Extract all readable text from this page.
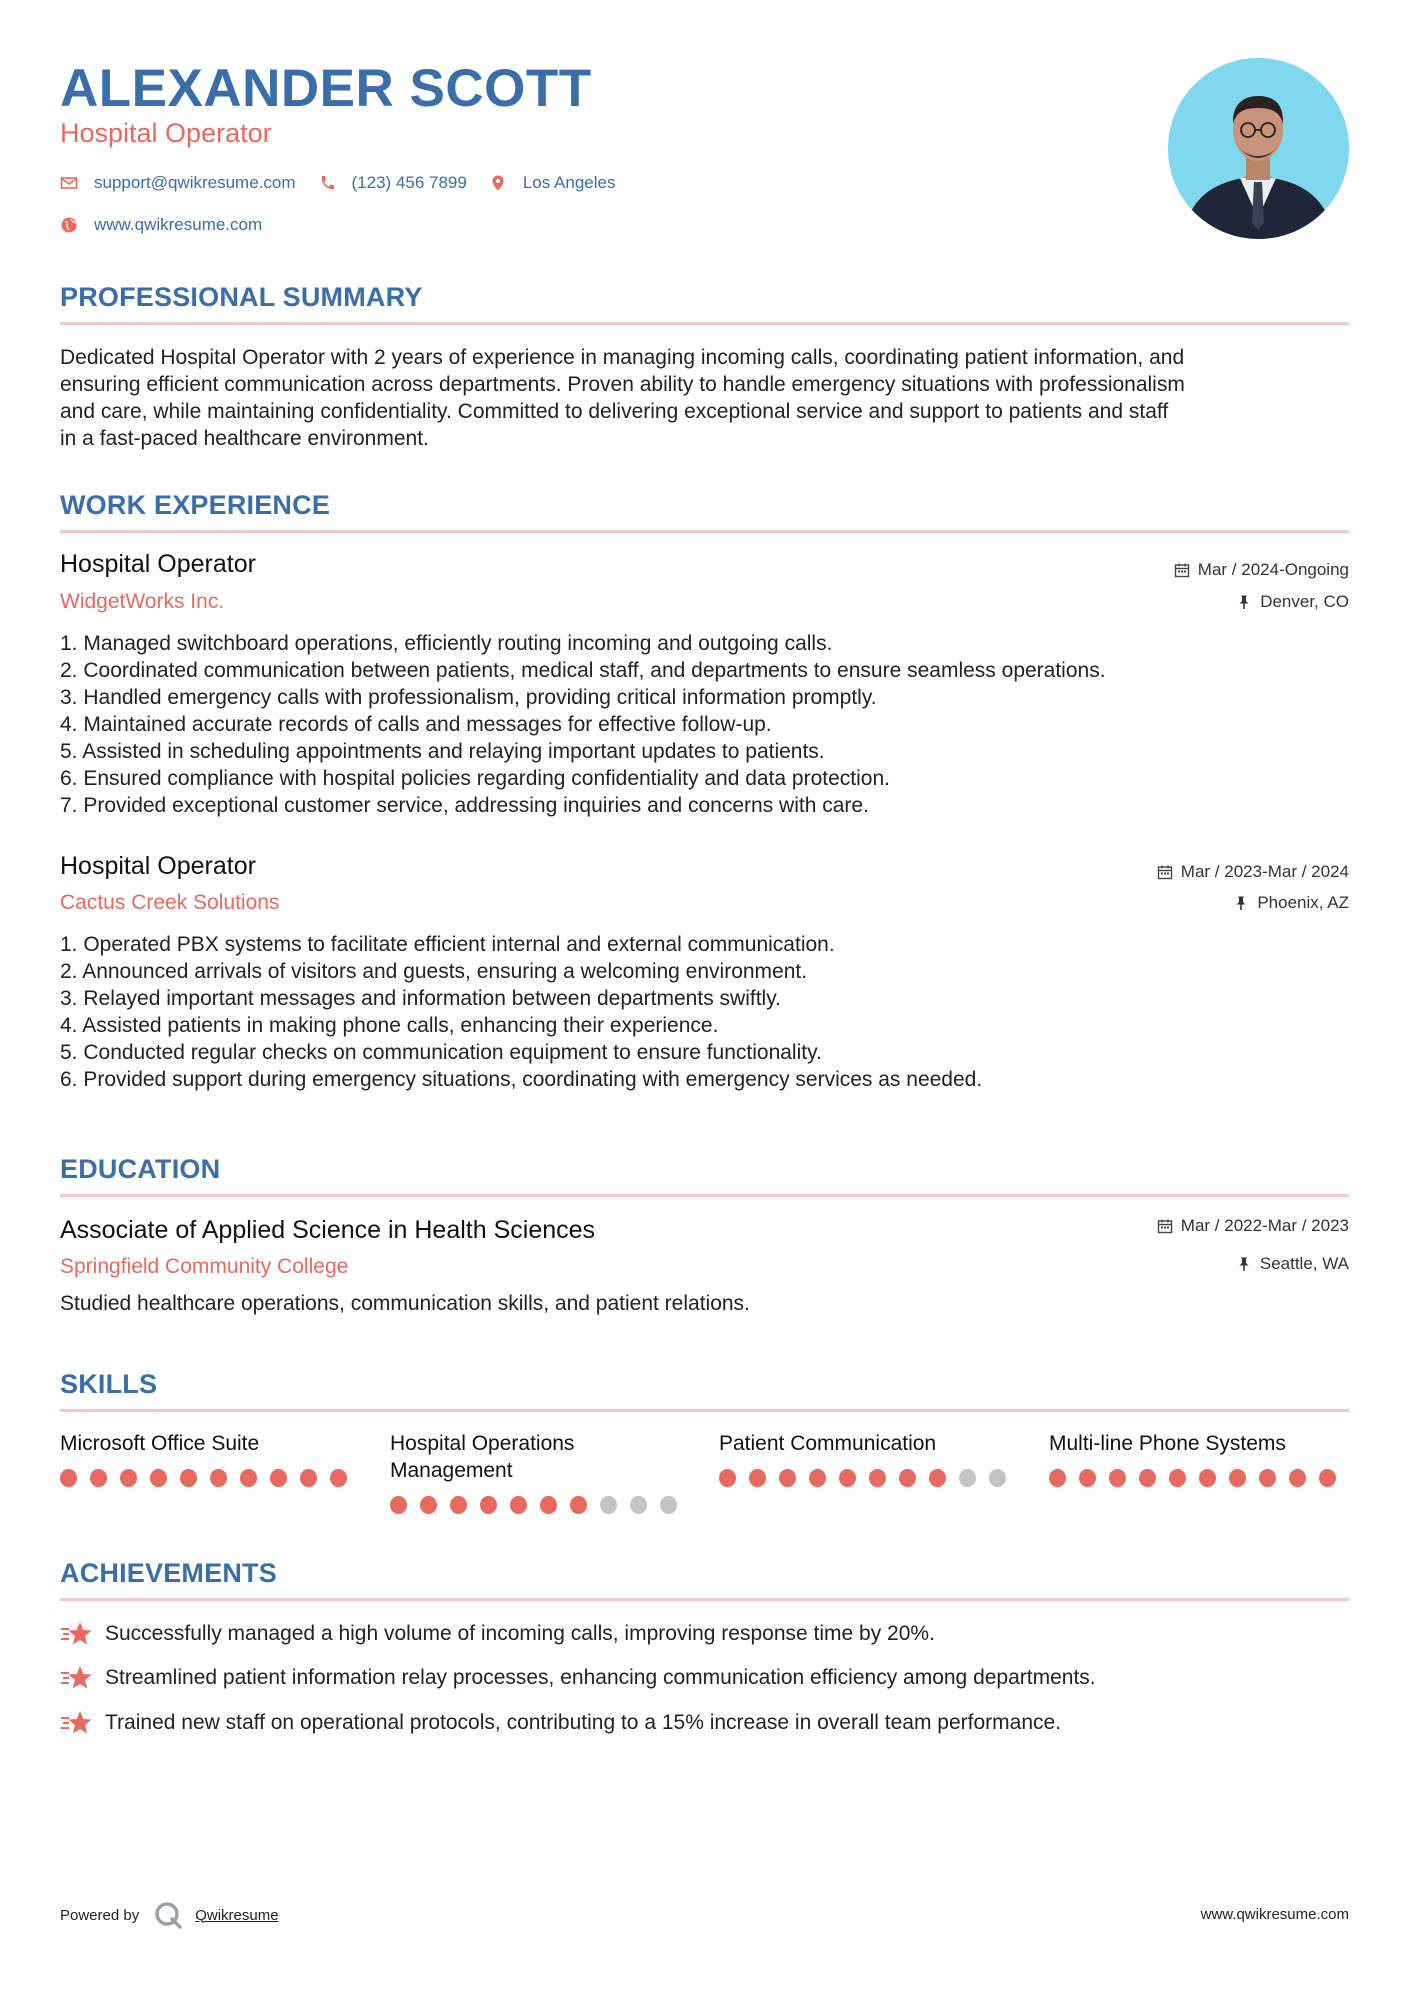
ALEXANDER SCOTT
Hospital Operator
support@qwikresume.com	(123) 456 7899	Los Angeles
www.qwikresume.com
PROFESSIONAL SUMMARY
Dedicated Hospital Operator with 2 years of experience in managing incoming calls, coordinating patient information, and
ensuring efficient communication across departments. Proven ability to handle emergency situations with professionalism
and care, while maintaining confidentiality. Committed to delivering exceptional service and support to patients and staff
in a fast-paced healthcare environment.
WORK EXPERIENCE
Hospital Operator
WidgetWorks Inc.
Mar / 2024-Ongoing
Denver, CO
1. Managed switchboard operations, efficiently routing incoming and outgoing calls.
2. Coordinated communication between patients, medical staff, and departments to ensure seamless operations.
3. Handled emergency calls with professionalism, providing critical information promptly.
4. Maintained accurate records of calls and messages for effective follow-up.
5. Assisted in scheduling appointments and relaying important updates to patients.
6. Ensured compliance with hospital policies regarding confidentiality and data protection.
7. Provided exceptional customer service, addressing inquiries and concerns with care.
Hospital Operator
Cactus Creek Solutions
Mar / 2023-Mar / 2024
Phoenix, AZ
1. Operated PBX systems to facilitate efficient internal and external communication.
2. Announced arrivals of visitors and guests, ensuring a welcoming environment.
3. Relayed important messages and information between departments swiftly.
4. Assisted patients in making phone calls, enhancing their experience.
5. Conducted regular checks on communication equipment to ensure functionality.
6. Provided support during emergency situations, coordinating with emergency services as needed.
EDUCATION
Associate of Applied Science in Health Sciences
Springfield Community College
Mar / 2022-Mar / 2023
Seattle, WA
Studied healthcare operations, communication skills, and patient relations.
SKILLS
Microsoft Office Suite	Hospital Operations Management
Patient Communication	Multi-line Phone Systems
ACHIEVEMENTS
Successfully managed a high volume of incoming calls, improving response time by 20%.
Streamlined patient information relay processes, enhancing communication efficiency among departments.
Trained new staff on operational protocols, contributing to a 15% increase in overall team performance.
Powered by	Qwikresume	www.qwikresume.com
